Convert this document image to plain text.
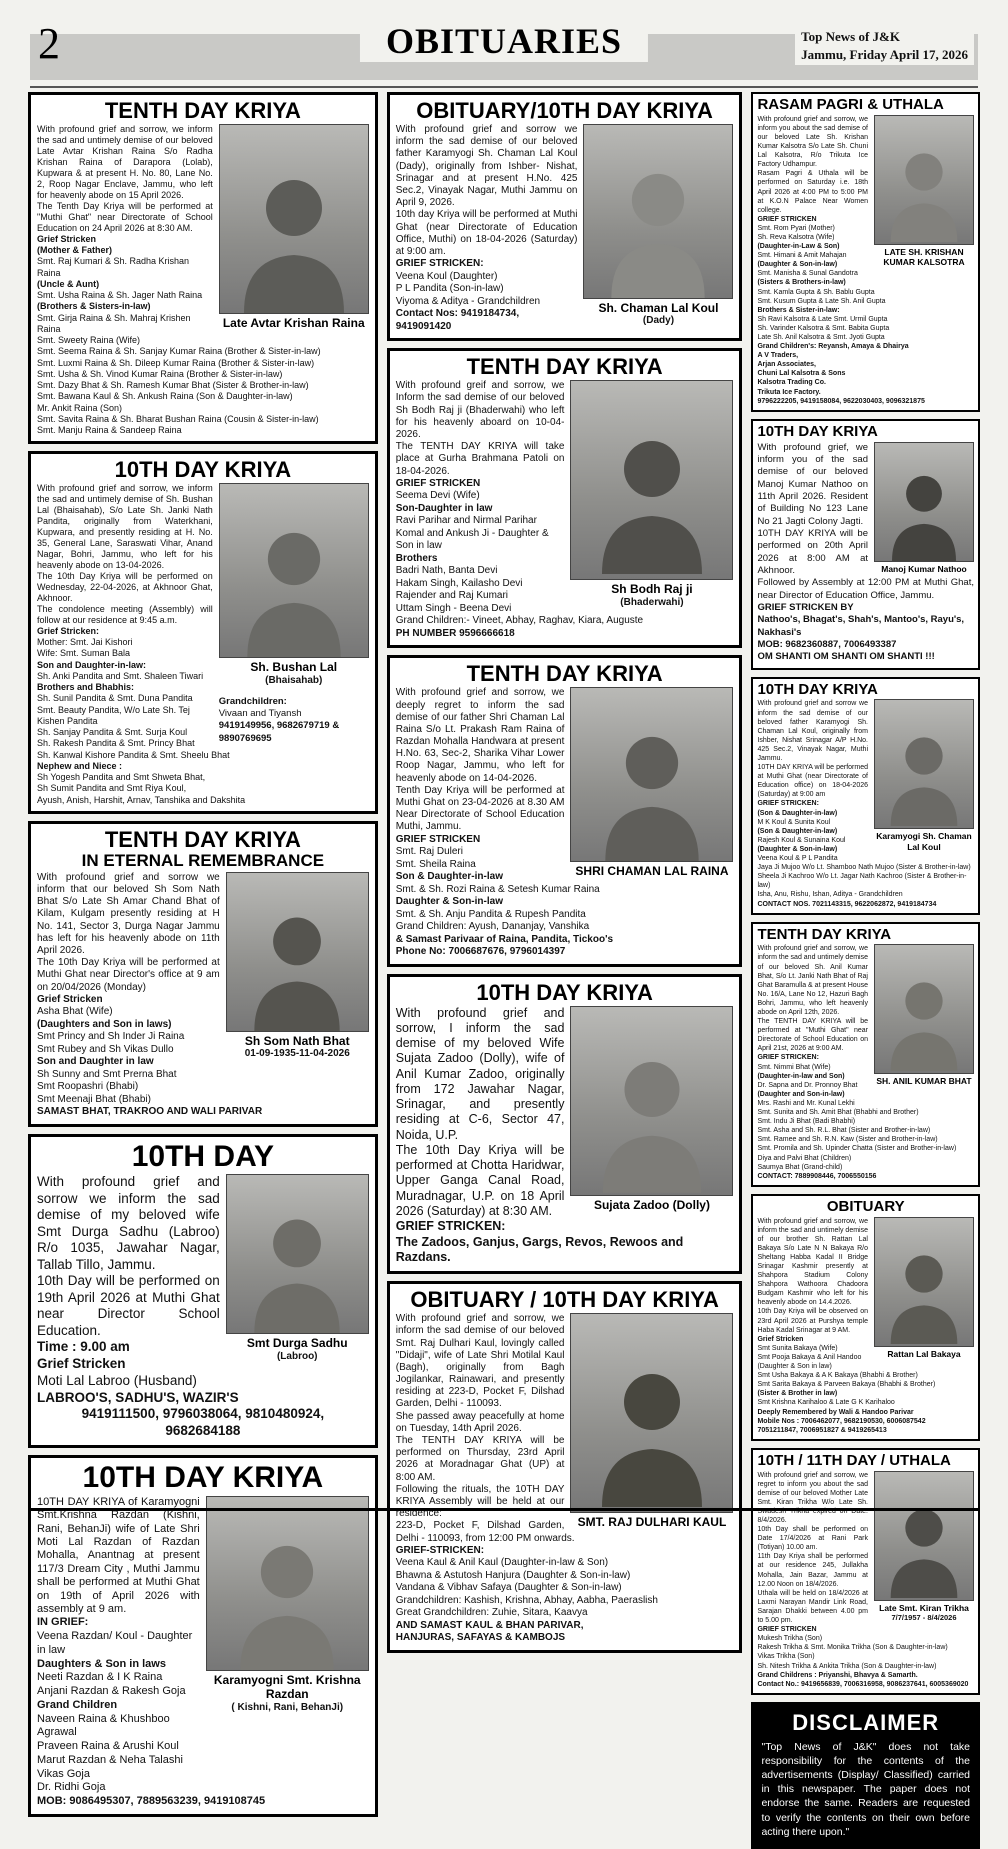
2	OBITUARIES	Top News of J&K
Jammu, Friday April 17, 2026
TENTH DAY KRIYA
Late Avtar Krishan Raina
With profound grief and sorrow, we inform the sad and untimely demise of our beloved Late Avtar Krishan Raina S/o Radha Krishan Raina of Darapora (Lolab), Kupwara & at present H. No. 80, Lane No. 2, Roop Nagar Enclave, Jammu, who left for heavenly abode on 15 April 2026.
The Tenth Day Kriya will be performed at "Muthi Ghat" near Directorate of School Education on 24 April 2026 at 8:30 AM.
Grief Stricken
(Mother & Father)
Smt. Raj Kumari & Sh. Radha Krishan Raina
(Uncle & Aunt)
Smt. Usha Raina & Sh. Jager Nath Raina
(Brothers & Sisters-in-law)
Smt. Girja Raina & Sh. Mahraj Krishen Raina
Smt. Sweety Raina (Wife)
Smt. Seema Raina & Sh. Sanjay Kumar Raina (Brother & Sister-in-law)
Smt. Luxmi Raina & Sh. Dileep Kumar Raina (Brother & Sister-in-law)
Smt. Usha & Sh. Vinod Kumar Raina (Brother & Sister-in-law)
Smt. Dazy Bhat & Sh. Ramesh Kumar Bhat (Sister & Brother-in-law)
Smt. Bawana Kaul & Sh. Ankush Raina (Son & Daughter-in-law)
Mr. Ankit Raina (Son)
Smt. Savita Raina & Sh. Bharat Bushan Raina (Cousin & Sister-in-law)
Smt. Manju Raina & Sandeep Raina
10TH DAY KRIYA
Sh. Bushan Lal
(Bhaisahab)
Grandchildren:
Vivaan and Tiyansh
9419149956, 9682679719 &
9890769695
With profound grief and sorrow, we inform the sad and untimely demise of Sh. Bushan Lal (Bhaisahab), S/o Late Sh. Janki Nath Pandita, originally from Waterkhani, Kupwara, and presently residing at H. No. 35, General Lane, Saraswati Vihar, Anand Nagar, Bohri, Jammu, who left for his heavenly abode on 13-04-2026.
The 10th Day Kriya will be performed on Wednesday, 22-04-2026, at Akhnoor Ghat, Akhnoor.
The condolence meeting (Assembly) will follow at our residence at 9:45 a.m.
Grief Stricken:
Mother: Smt. Jai Kishori
Wife: Smt. Suman Bala
Son and Daughter-in-law:
Sh. Anki Pandita and Smt. Shaleen Tiwari
Brothers and Bhabhis:
Sh. Sunil Pandita & Smt. Duna Pandita
Smt. Beauty Pandita, W/o Late Sh. Tej Kishen Pandita
Sh. Sanjay Pandita & Smt. Surja Koul
Sh. Rakesh Pandita & Smt. Princy Bhat
Sh. Kanwal Kishore Pandita & Smt. Sheelu Bhat
Nephew and Niece :
Sh Yogesh Pandita and Smt Shweta Bhat,
Sh Sumit Pandita and Smt Riya Koul,
Ayush, Anish, Harshit, Arnav, Tanshika and Dakshita
TENTH DAY KRIYA
IN ETERNAL REMEMBRANCE
Sh Som Nath Bhat
01-09-1935-11-04-2026
With profound grief and sorrow we inform that our beloved Sh Som Nath Bhat S/o Late Sh Amar Chand Bhat of Kilam, Kulgam presently residing at H No. 141, Sector 3, Durga Nagar Jammu has left for his heavenly abode on 11th April 2026.
The 10th Day Kriya will be performed at Muthi Ghat near Director's office at 9 am on 20/04/2026 (Monday)
Grief Stricken
Asha Bhat (Wife)
(Daughters and Son in laws)
Smt Princy and Sh Inder Ji Raina
Smt Rubey and Sh Vikas Dullo
Son and Daughter in law
Sh Sunny and Smt Prerna Bhat
Smt Roopashri (Bhabi)
Smt Meenaji Bhat (Bhabi)
SAMAST BHAT, TRAKROO AND WALI PARIVAR
10TH DAY
Smt Durga Sadhu
(Labroo)
With profound grief and sorrow we inform the sad demise of my beloved wife Smt Durga Sadhu (Labroo) R/o 1035, Jawahar Nagar, Tallab Tillo, Jammu.
10th Day will be performed on 19th April 2026 at Muthi Ghat near Director School Education.
Time : 9.00 am
Grief Stricken
Moti Lal Labroo (Husband)
LABROO'S, SADHU'S, WAZIR'S
9419111500, 9796038064, 9810480924,
9682684188
10TH DAY KRIYA
Karamyogni Smt. Krishna Razdan
( Kishni, Rani, BehanJi)
10TH DAY KRIYA of Karamyogni Smt.Krishna Razdan (Kishni, Rani, BehanJi) wife of Late Shri Moti Lal Razdan of Razdan Mohalla, Anantnag at present 117/3 Dream City , Muthi Jammu shall be performed at Muthi Ghat on 19th of April 2026 with assembly at 9 am.
IN GRIEF:
Veena Razdan/ Koul - Daughter in law
Daughters & Son in laws
Neeti Razdan & I K Raina
Anjani Razdan & Rakesh Goja
Grand Children
Naveen Raina & Khushboo Agrawal
Praveen Raina & Arushi Koul
Marut Razdan & Neha Talashi
Vikas Goja
Dr. Ridhi Goja
MOB: 9086495307, 7889563239, 9419108745
OBITUARY/10TH DAY KRIYA
Sh. Chaman Lal Koul
(Dady)
With profound grief and sorrow we inform the sad demise of our beloved father Karamyogi Sh. Chaman Lal Koul (Dady), originally from Ishber- Nishat, Srinagar and at present H.No. 425 Sec.2, Vinayak Nagar, Muthi Jammu on April 9, 2026.
10th day Kriya will be performed at Muthi Ghat (near Directorate of Education Office, Muthi) on 18-04-2026 (Saturday) at 9:00 am.
GRIEF STRICKEN:
Veena Koul (Daughter)
P L Pandita (Son-in-law)
Viyoma & Aditya - Grandchildren
Contact Nos: 9419184734, 9419091420
TENTH DAY KRIYA
Sh Bodh Raj ji
(Bhaderwahi)
With profound greif and sorrow, we Inform the sad demise of our beloved Sh Bodh Raj ji (Bhaderwahi) who left for his heavenly aboard on 10-04-2026.
The TENTH DAY KRIYA will take place at Gurha Brahmana Patoli on 18-04-2026.
GRIEF STRICKEN
Seema Devi (Wife)
Son-Daughter in law
Ravi Parihar and Nirmal Parihar
Komal and Ankush Ji - Daughter & Son in law
Brothers
Badri Nath, Banta Devi
Hakam Singh, Kailasho Devi
Rajender and Raj Kumari
Uttam Singh - Beena Devi
Grand Children:- Vineet, Abhay, Raghav, Kiara, Auguste
PH NUMBER 9596666618
TENTH DAY KRIYA
SHRI CHAMAN LAL RAINA
With profound grief and sorrow, we deeply regret to inform the sad demise of our father Shri Chaman Lal Raina S/o Lt. Prakash Ram Raina of Razdan Mohalla Handwara at present H.No. 63, Sec-2, Sharika Vihar Lower Roop Nagar, Jammu, who left for heavenly abode on 14-04-2026.
Tenth Day Kriya will be performed at Muthi Ghat on 23-04-2026 at 8.30 AM Near Directorate of School Education Muthi, Jammu.
GRIEF STRICKEN
Smt. Raj Duleri
Smt. Sheila Raina
Son & Daughter-in-law
Smt. & Sh. Rozi Raina & Setesh Kumar Raina
Daughter & Son-in-law
Smt. & Sh. Anju Pandita & Rupesh Pandita
Grand Children: Ayush, Dananjay, Vanshika
& Samast Parivaar of Raina, Pandita, Tickoo's
Phone No: 7006687676, 9796014397
10TH DAY KRIYA
Sujata Zadoo (Dolly)
With profound grief and sorrow, I inform the sad demise of my beloved Wife Sujata Zadoo (Dolly), wife of Anil Kumar Zadoo, originally from 172 Jawahar Nagar, Srinagar, and presently residing at C-6, Sector 47, Noida, U.P.
The 10th Day Kriya will be performed at Chotta Haridwar, Upper Ganga Canal Road, Muradnagar, U.P. on 18 April 2026 (Saturday) at 8:30 AM.
GRIEF STRICKEN:
The Zadoos, Ganjus, Gargs, Revos, Rewoos and Razdans.
OBITUARY / 10TH DAY KRIYA
SMT. RAJ DULHARI KAUL
With profound grief and sorrow, we inform the sad demise of our beloved Smt. Raj Dulhari Kaul, lovingly called "Didaji", wife of Late Shri Motilal Kaul (Bagh), originally from Bagh Jogilankar, Rainawari, and presently residing at 223-D, Pocket F, Dilshad Garden, Delhi - 110093.
She passed away peacefully at home on Tuesday, 14th April 2026.
The TENTH DAY KRIYA will be performed on Thursday, 23rd April 2026 at Moradnagar Ghat (UP) at 8:00 AM.
Following the rituals, the 10TH DAY KRIYA Assembly will be held at our residence:
223-D, Pocket F, Dilshad Garden, Delhi - 110093, from 12:00 PM onwards.
GRIEF-STRICKEN:
Veena Kaul & Anil Kaul (Daughter-in-law & Son)
Bhawna & Astutosh Hanjura (Daughter & Son-in-law)
Vandana & Vibhav Safaya (Daughter & Son-in-law)
Grandchildren: Kashish, Krishna, Abhay, Aabha, Paeraslish
Great Grandchildren: Zuhie, Sitara, Kaavya
AND SAMAST KAUL & BHAN PARIVAR,
HANJURAS, SAFAYAS & KAMBOJS
RASAM PAGRI & UTHALA
LATE SH. KRISHAN KUMAR KALSOTRA
With profound grief and sorrow, we inform you about the sad demise of our beloved Late Sh. Krishan Kumar Kalsotra S/o Late Sh. Chuni Lal Kalsotra, R/o Trikuta Ice Factory Udhampur.
Rasam Pagri & Uthala will be performed on Saturday i.e. 18th April 2026 at 4:00 PM to 5:00 PM at K.O.N Palace Near Women college.
GRIEF STRICKEN
Smt. Rom Pyari (Mother)
Sh. Reva Kalsotra (Wife)
(Daughter-in-Law & Son)
Smt. Himani & Amit Mahajan
(Daughter & Son-in-law)
Smt. Manisha & Sunal Gandotra
(Sisters & Brothers-in-law)
Smt. Kamla Gupta & Sh. Bablu Gupta
Smt. Kusum Gupta & Late Sh. Anil Gupta
Brothers & Sister-in-law:
Sh Ravi Kalsotra & Late Smt. Urmil Gupta
Sh. Varinder Kalsotra & Smt. Babita Gupta
Late Sh. Anil Kalsotra & Smt. Jyoti Gupta
Grand Children's: Reyansh, Amaya & Dhairya
A V Traders,
Arjan Associates,
Chuni Lal Kalsotra & Sons
Kalsotra Trading Co.
Trikuta Ice Factory.
9796222205, 9419158084, 9622030403, 9096321875
10TH DAY KRIYA
Manoj Kumar Nathoo
With profound grief, we inform you of the sad demise of our beloved Manoj Kumar Nathoo on 11th April 2026. Resident of Building No 123 Lane No 21 Jagti Colony Jagti.
10TH DAY KRIYA will be performed on 20th April 2026 at 8:00 AM at Akhnoor.
Followed by Assembly at 12:00 PM at Muthi Ghat, near Director of Education Office, Jammu.
GRIEF STRICKEN BY
Nathoo's, Bhagat's, Shah's, Mantoo's, Rayu's, Nakhasi's
MOB: 9682360887, 7006493387
OM SHANTI OM SHANTI OM SHANTI !!!
10TH DAY KRIYA
Karamyogi Sh. Chaman Lal Koul
With profound grief and sorrow we inform the sad demise of our beloved father Karamyogi Sh. Chaman Lal Koul, originally from Ishber, Nishat Srinagar A/P H.No. 425 Sec.2, Vinayak Nagar, Muthi Jammu.
10TH DAY KRIYA will be performed at Muthi Ghat (near Directorate of Education office) on 18-04-2026 (Saturday) at 9:00 am
GRIEF STRICKEN:
(Son & Daughter-in-law)
M K Koul & Sunita Koul
(Son & Daughter-in-law)
Rajesh Koul & Sunaina Koul
(Daughter & Son-in-law)
Veena Koul & P L Pandita
Jaya Ji Mujoo W/o Lt. Shamboo Nath Mujoo (Sister & Brother-in-law)
Sheela Ji Kachroo W/o Lt. Jagar Nath Kachroo (Sister & Brother-in-law)
Isha, Anu, Rishu, Ishan, Aditya - Grandchildren
CONTACT NOS. 7021143315, 9622062872, 9419184734
TENTH DAY KRIYA
SH. ANIL KUMAR BHAT
With profound grief and sorrow, we inform the sad and untimely demise of our beloved Sh. Anil Kumar Bhat, S/o Lt. Janki Nath Bhat of Raj Ghat Baramulla & at present House No. 16/A, Lane No 12, Hazuri Bagh Bohri, Jammu, who left heavenly abode on April 12th, 2026.
The TENTH DAY KRIYA will be performed at "Muthi Ghat" near Directorate of School Education on April 21st, 2026 at 9:00 AM.
GRIEF STRICKEN:
Smt. Nimmi Bhat (Wife)
(Daughter-in-law and Son)
Dr. Sapna and Dr. Pronnoy Bhat
(Daughter and Son-in-law)
Mrs. Rashi and Mr. Kunal Lekhi
Smt. Sunita and Sh. Amit Bhat (Bhabhi and Brother)
Smt. Indu Ji Bhat (Badi Bhabhi)
Smt. Asha and Sh. R.L. Bhat (Sister and Brother-in-law)
Smt. Ramee and Sh. R.N. Kaw (Sister and Brother-in-law)
Smt. Promila and Sh. Upinder Chatta (Sister and Brother-in-law)
Diya and Palvi Bhat (Children)
Saumya Bhat (Grand-child)
CONTACT: 7889908446, 7006550156
OBITUARY
Rattan Lal Bakaya
With profound grief and sorrow, we inform the sad and untimely demise of our brother Sh. Rattan Lal Bakaya S/o Late N N Bakaya R/o Sheltang Habba Kadal II Bridge Srinagar Kashmir presently at Shahpora Stadium Colony Shahpora Wathoora Chadoora Budgam Kashmir who left for his heavenly abode on 14.4.2026.
10th Day Kriya will be observed on 23rd April 2026 at Purshya temple Haba Kadal Srinagar at 9 AM.
Grief Stricken
Smt Sunita Bakaya (Wife)
Smt Pooja Bakaya & Anil Handoo (Daughter & Son in law)
Smt Usha Bakaya & A K Bakaya (Bhabhi & Brother)
Smt Sarita Bakaya & Parveen Bakaya (Bhabhi & Brother)
(Sister & Brother in law)
Smt Krishna Karihaloo & Late G K Karihaloo
Deeply Remembered by Wali & Handoo Parivar
Mobile Nos : 7006462077, 9682190530, 6006087542
7051211847, 7006951827 & 9419265413
10TH / 11TH DAY / UTHALA
Late Smt. Kiran Trikha
7/7/1957 - 8/4/2026
With profound grief and sorrow, we regret to inform you about the sad demise of our beloved Mother Late Smt. Kiran Trikha W/o Late Sh. Swadesh Trikha expired on Date: 8/4/2026.
10th Day shall be performed on Date 17/4/2026 at Rani Park (Totiyan) 10.00 am.
11th Day Kriya shall be performed at our residence 245, Jullakha Mohalla, Jain Bazar, Jammu at 12.00 Noon on 18/4/2026.
Uthala will be held on 18/4/2026 at Laxmi Narayan Mandir Link Road, Sarajan Dhakki between 4.00 pm to 5.00 pm.
GRIEF STRICKEN
Mukesh Trikha (Son)
Rakesh Trikha & Smt. Monika Trikha (Son & Daughter-in-law)
Vikas Trikha (Son)
Sh. Nitesh Trikha & Ankita Trikha (Son & Daughter-in-law)
Grand Childrens : Priyanshi, Bhavya & Samarth.
Contact No.: 9419656839, 7006316958, 9086237641, 6005369020
DISCLAIMER
"Top News of J&K" does not take responsibility for the contents of the advertisements (Display/ Classified) carried in this newspaper. The paper does not endorse the same. Readers are requested to verify the contents on their own before acting there upon."
